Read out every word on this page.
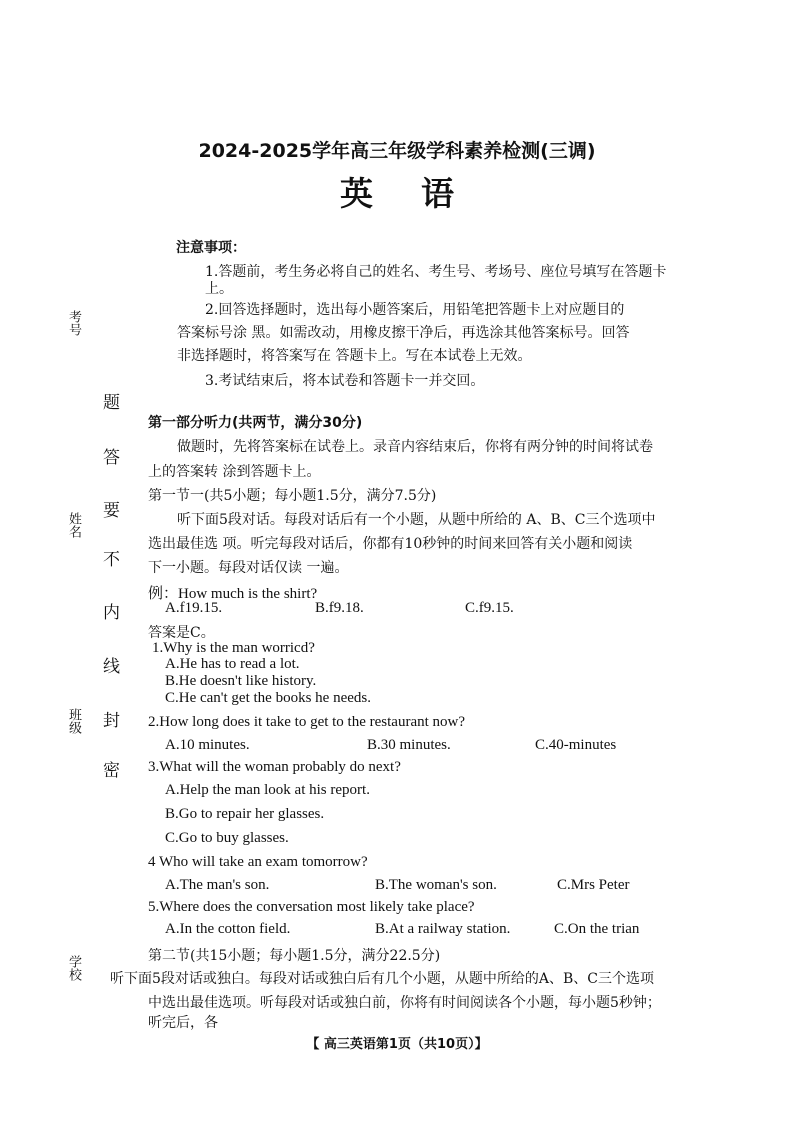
2024-2025学年高三年级学科素养检测(三调)
英语
注意事项：
1.答题前，考生务必将自己的姓名、考生号、考场号、座位号填写在答题卡
上。
2.回答选择题时，选出每小题答案后，用铅笔把答题卡上对应题目的
答案标号涂 黑。如需改动，用橡皮擦干净后，再选涂其他答案标号。回答
非选择题时，将答案写在 答题卡上。写在本试卷上无效。
3.考试结束后，将本试卷和答题卡一并交回。
考号
姓名
班级
学校
题
答
要
不
内
线
封
密
第一部分听力(共两节，满分30分)
做题时，先将答案标在试卷上。录音内容结束后，你将有两分钟的时间将试卷
上的答案转 涂到答题卡上。
第一节一(共5小题；每小题1.5分，满分7.5分)
听下面5段对话。每段对话后有一个小题，从题中所给的 A、B、C三个选项中
选出最佳选 项。听完每段对话后，你都有10秒钟的时间来回答有关小题和阅读
下一小题。每段对话仅读 一遍。
例：How much is the shirt?
A.f19.15.	B.f9.18.	C.f9.15.
答案是C。
1.Why is the man worricd?
A.He has to read a lot.
B.He doesn't like history.
C.He can't get the books he needs.
2.How long does it take to get to the restaurant now?
A.10 minutes.	B.30 minutes.	C.40-minutes
3.What will the woman probably do next?
A.Help the man look at his report.
B.Go to repair her glasses.
C.Go to buy glasses.
4 Who will take an exam tomorrow?
A.The man's son.	B.The woman's son.	C.Mrs Peter
5.Where does the conversation most likely take place?
A.In the cotton field.	B.At a railway station.	C.On the trian
第二节(共15小题；每小题1.5分，满分22.5分)
听下面5段对话或独白。每段对话或独白后有几个小题，从题中所给的A、B、C三个选项
中选出最佳选项。听每段对话或独白前，你将有时间阅读各个小题，每小题5秒钟；
听完后，各
【 高三英语第1页（共10页）】
